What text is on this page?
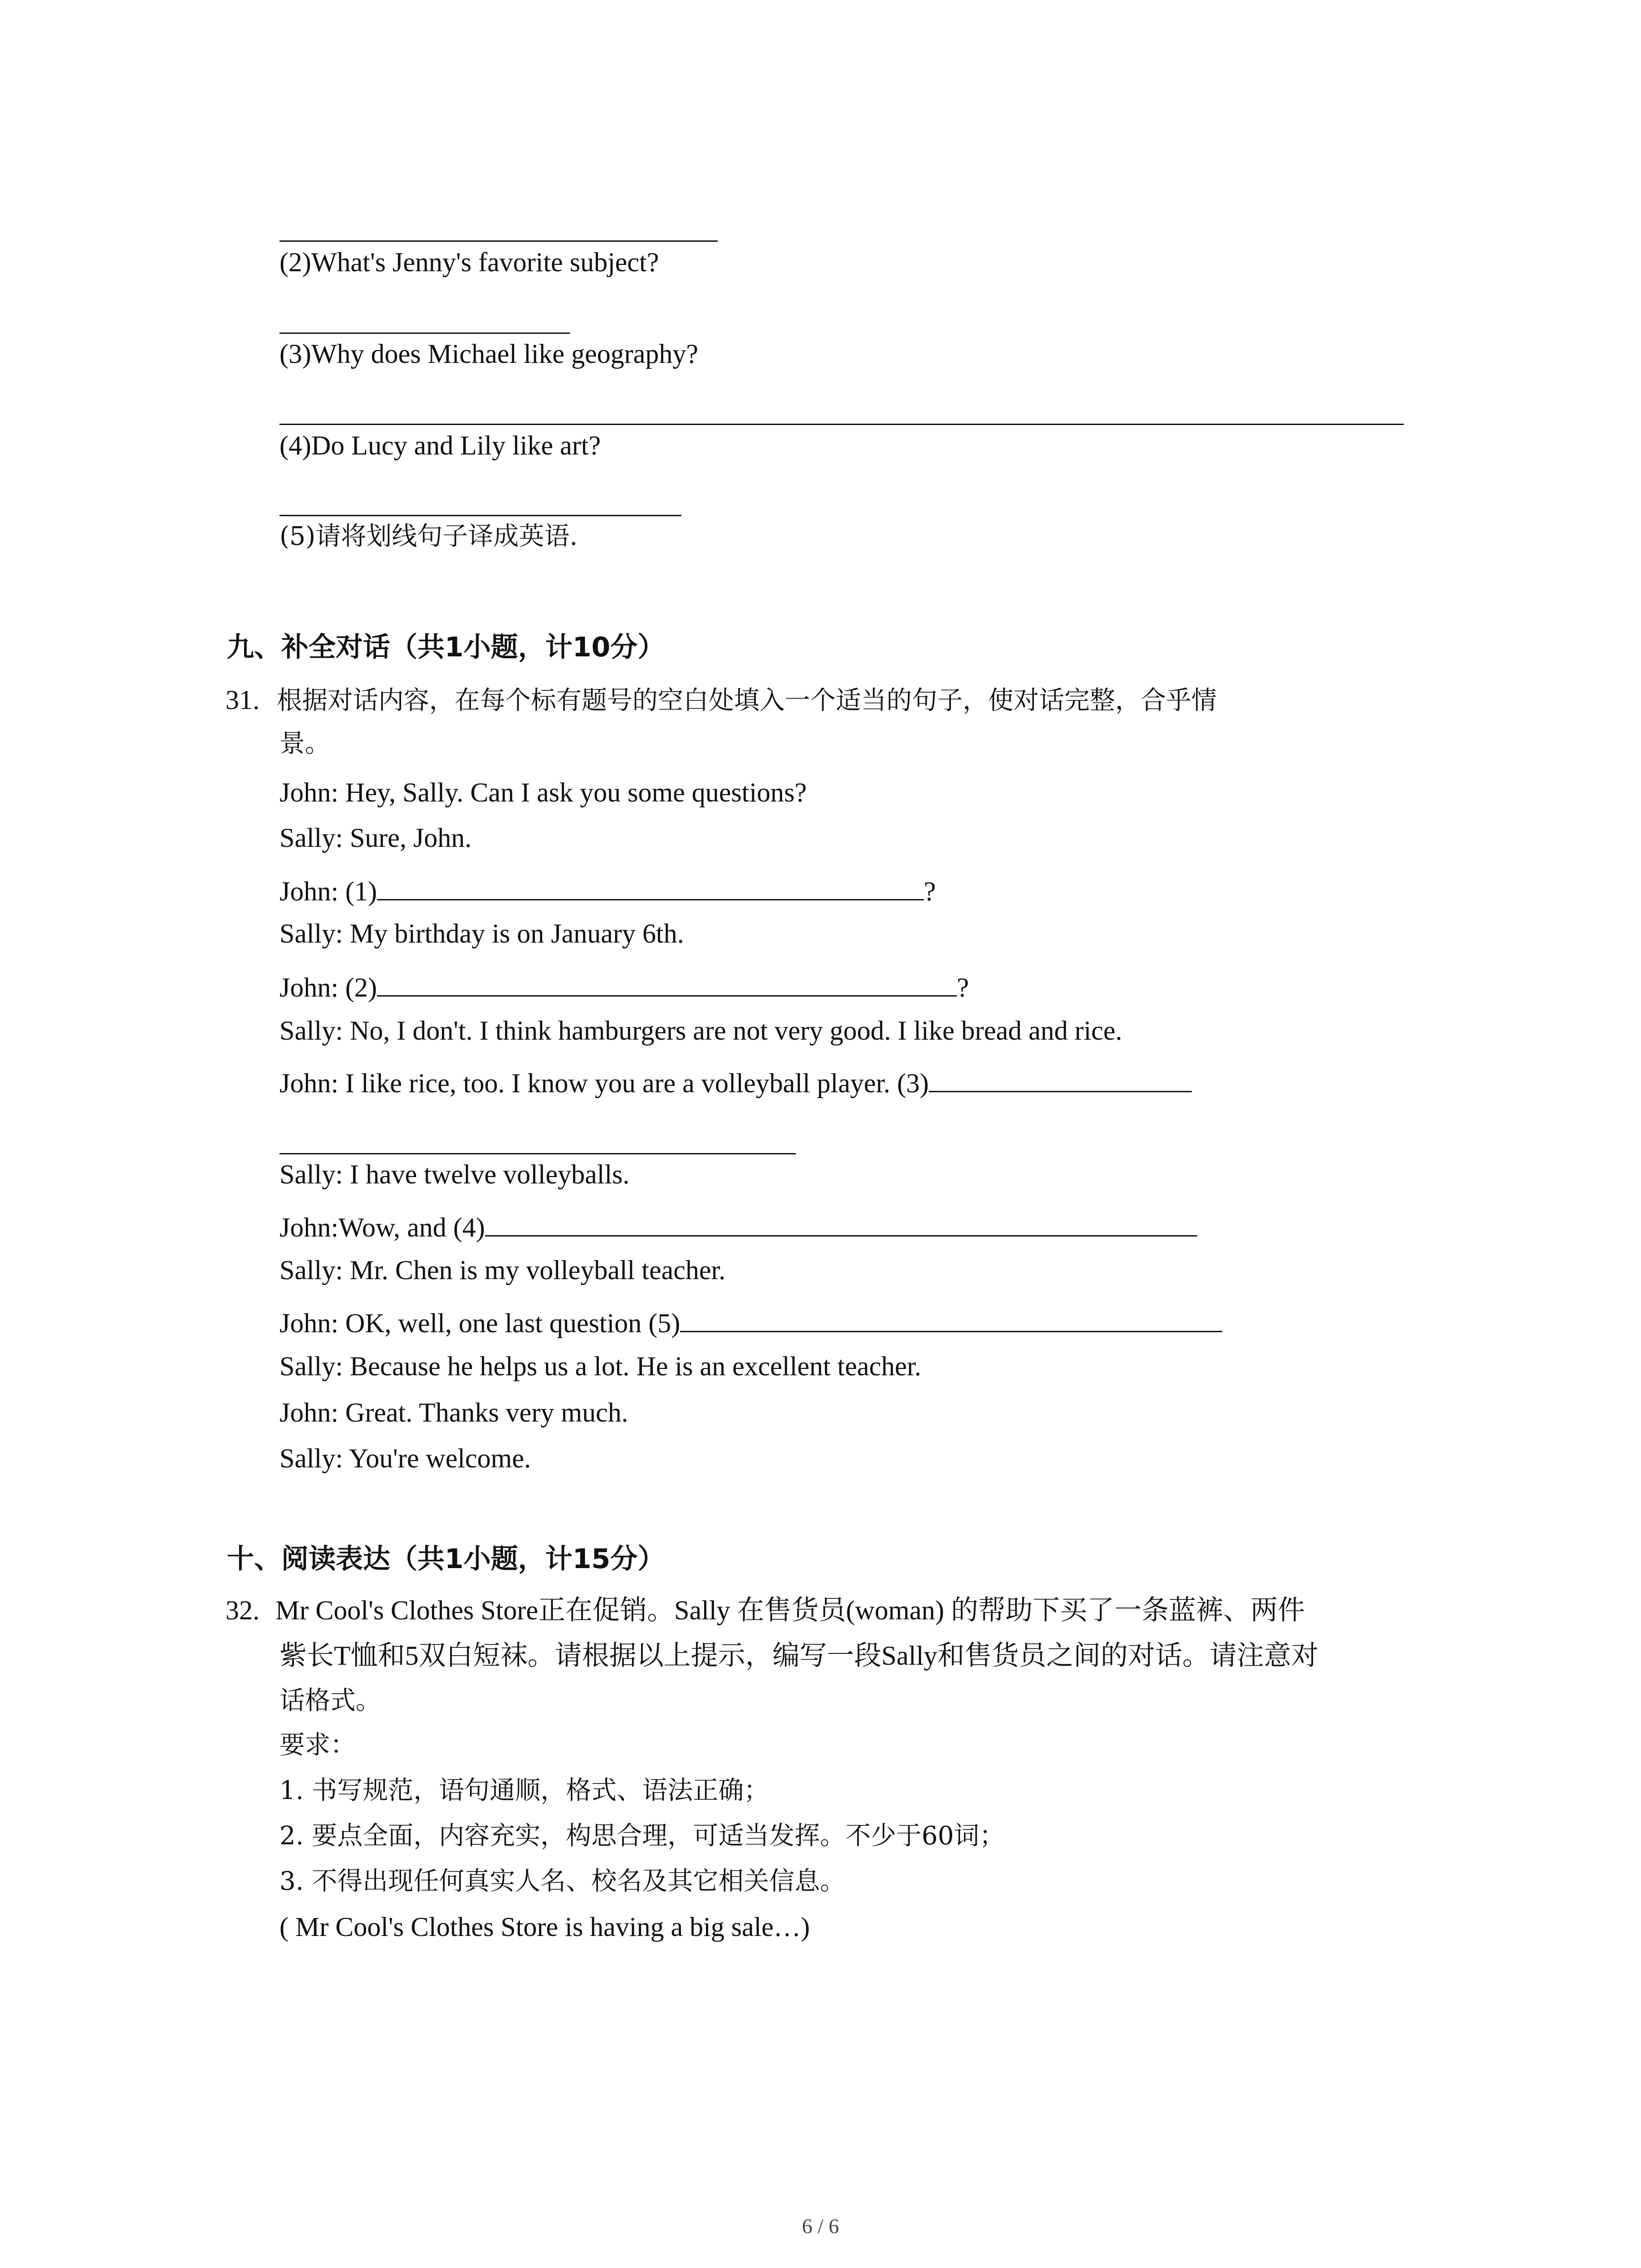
(2)What's Jenny's favorite subject?
(3)Why does Michael like geography?
(4)Do Lucy and Lily like art?
(5)请将划线句子译成英语.
九、补全对话（共1小题，计10分）
31. 根据对话内容，在每个标有题号的空白处填入一个适当的句子，使对话完整，合乎情
景。
John: Hey, Sally. Can I ask you some questions?
Sally: Sure, John.
John: (1)	?
Sally: My birthday is on January 6th.
John: (2)	?
Sally: No, I don't. I think hamburgers are not very good. I like bread and rice.
John: I like rice, too. I know you are a volleyball player. (3)
Sally: I have twelve volleyballs.
John:Wow, and (4)
Sally: Mr. Chen is my volleyball teacher.
John: OK, well, one last question (5)
Sally: Because he helps us a lot. He is an excellent teacher.
John: Great. Thanks very much.
Sally: You're welcome.
十、阅读表达（共1小题，计15分）
32. Mr Cool's Clothes Store正在促销。Sally 在售货员(woman) 的帮助下买了一条蓝裤、两件
紫长T恤和5双白短袜。请根据以上提示，编写一段Sally和售货员之间的对话。请注意对
话格式。
要求：
1. 书写规范，语句通顺，格式、语法正确；
2. 要点全面，内容充实，构思合理，可适当发挥。不少于60词；
3. 不得出现任何真实人名、校名及其它相关信息。
( Mr Cool's Clothes Store is having a big sale…)
6 / 6
